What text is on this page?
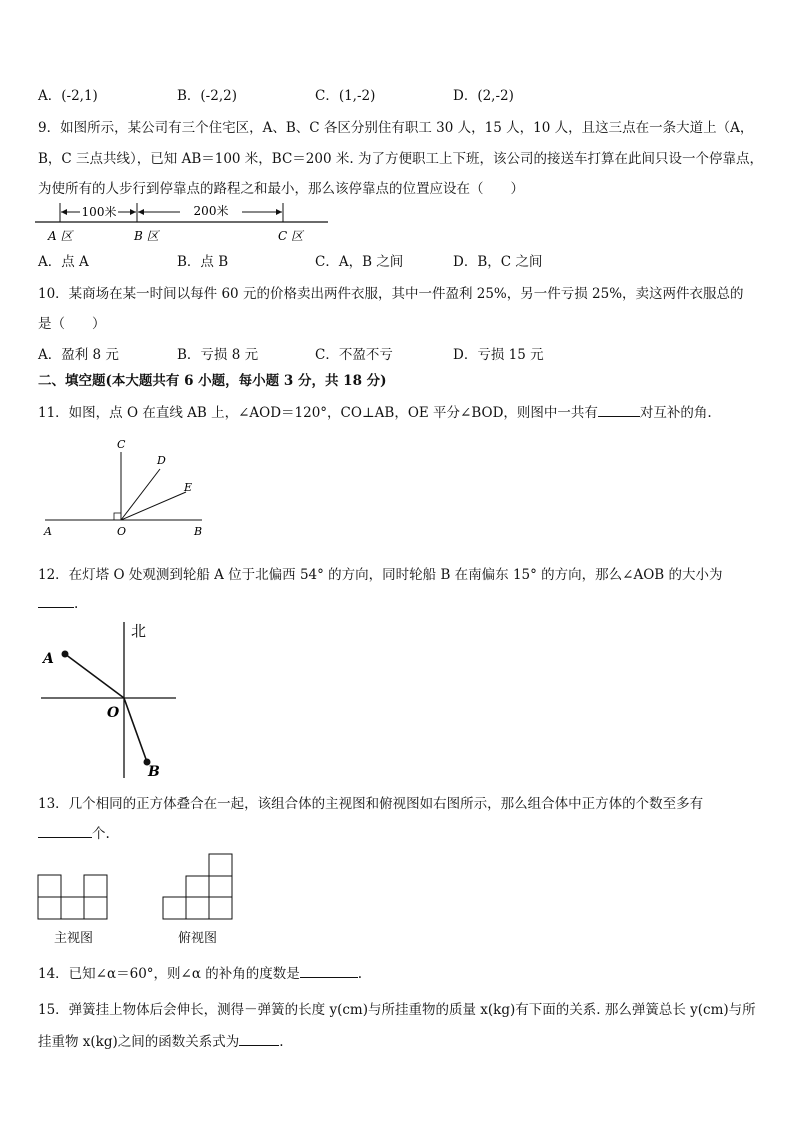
A．(-2,1)	B．(-2,2)	C．(1,-2)	D．(2,-2)
9．如图所示，某公司有三个住宅区，A、B、C 各区分别住有职工 30 人，15 人，10 人，且这三点在一条大道上（A，
B，C 三点共线），已知 AB＝100 米，BC＝200 米. 为了方便职工上下班，该公司的接送车打算在此间只设一个停靠点，
为使所有的人步行到停靠点的路程之和最小，那么该停靠点的位置应设在（　　）
100米	200米
A 区	B 区	C 区
A．点 A	B．点 B	C．A，B 之间	D．B，C 之间
10．某商场在某一时间以每件 60 元的价格卖出两件衣服，其中一件盈利 25%，另一件亏损 25%，卖这两件衣服总的
是（　　）
A．盈利 8 元	B．亏损 8 元	C．不盈不亏	D．亏损 15 元
二、填空题(本大题共有 6 小题，每小题 3 分，共 18 分)
11．如图，点 O 在直线 AB 上，∠AOD＝120°，CO⊥AB，OE 平分∠BOD，则图中一共有	对互补的角.
A	O	B
C
D
E
12．在灯塔 O 处观测到轮船 A 位于北偏西 54° 的方向，同时轮船 B 在南偏东 15° 的方向，那么∠AOB 的大小为
.
北
A
O
B
13．几个相同的正方体叠合在一起，该组合体的主视图和俯视图如右图所示，那么组合体中正方体的个数至多有
个.
主视图	俯视图
14．已知∠α＝60°，则∠α 的补角的度数是	.
15．弹簧挂上物体后会伸长，测得－弹簧的长度 y(cm)与所挂重物的质量 x(kg)有下面的关系. 那么弹簧总长 y(cm)与所
挂重物 x(kg)之间的函数关系式为	.
